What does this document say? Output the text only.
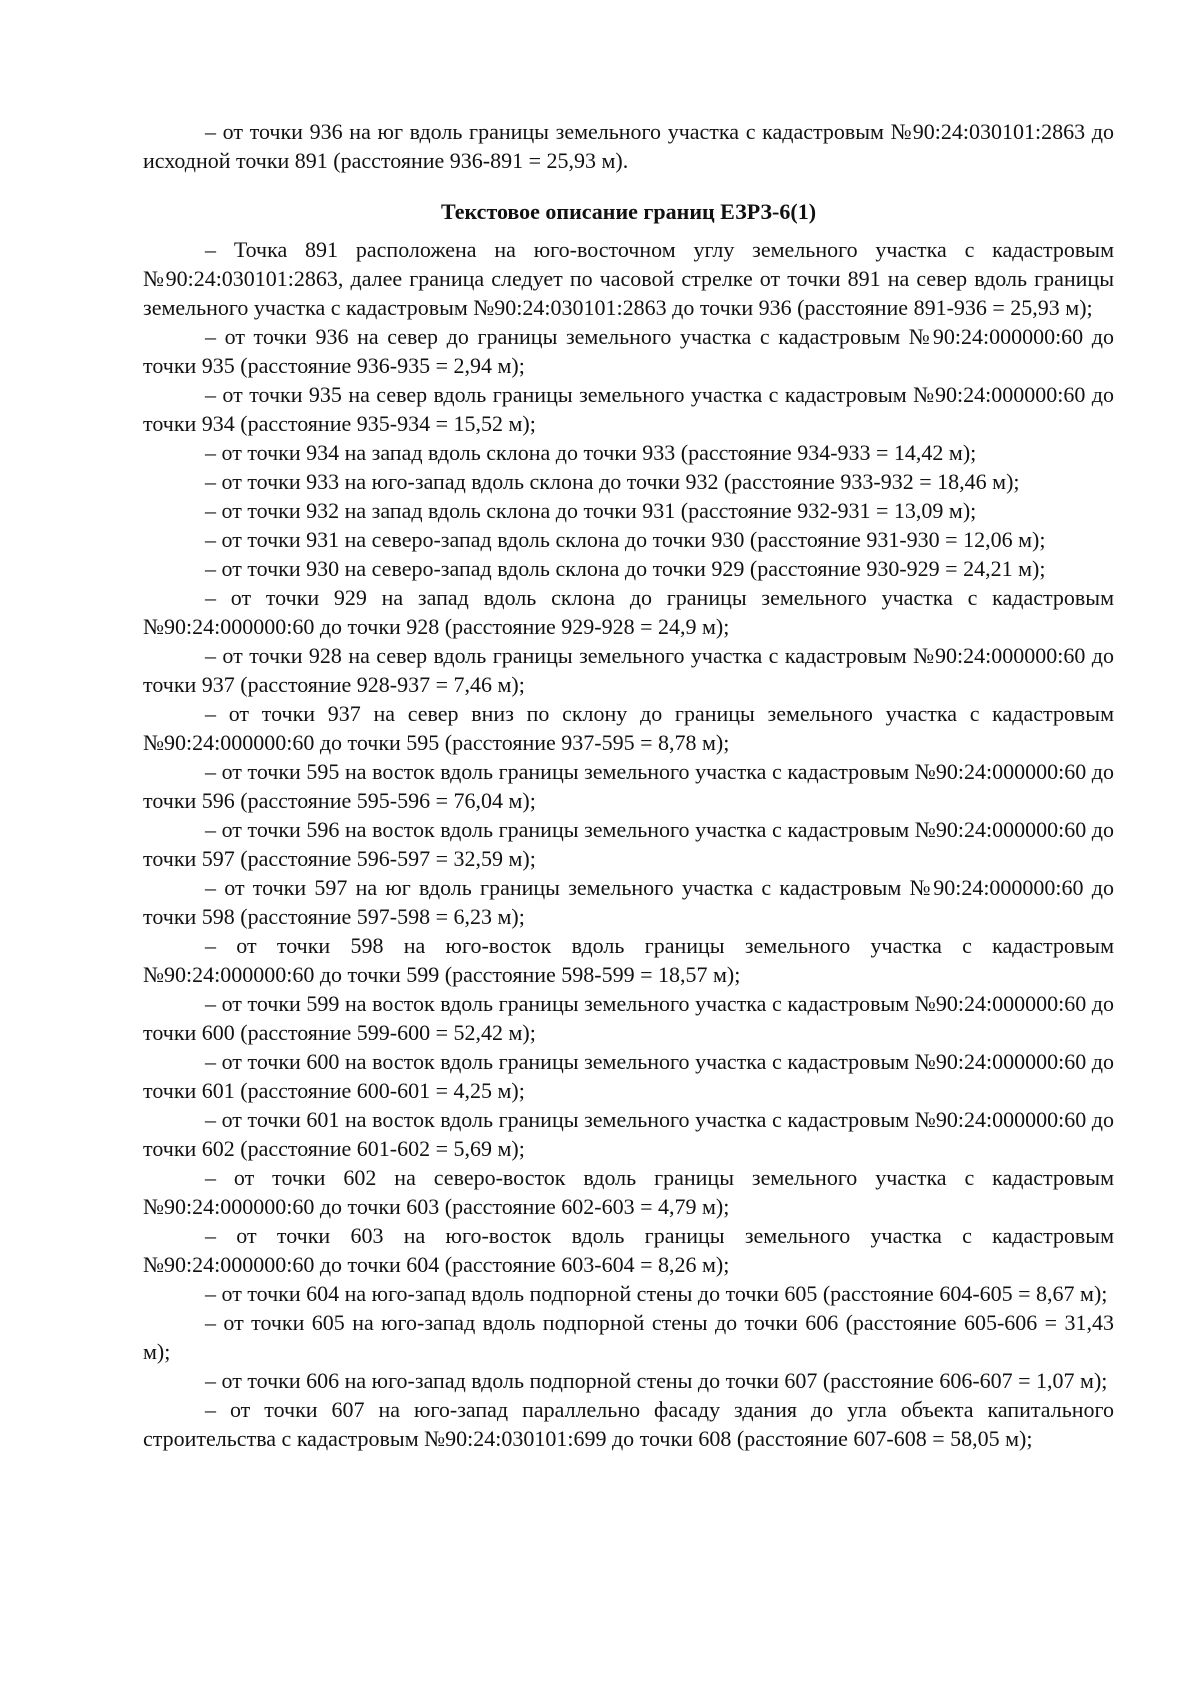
– от точки 936 на юг вдоль границы земельного участка с кадастровым №90:24:030101:2863 до исходной точки 891 (расстояние 936-891 = 25,93 м).

Текстовое описание границ ЕЗРЗ-6(1)

– Точка 891 расположена на юго-восточном углу земельного участка с кадастровым №90:24:030101:2863, далее граница следует по часовой стрелке от точки 891 на север вдоль границы земельного участка с кадастровым №90:24:030101:2863 до точки 936 (расстояние 891-936 = 25,93 м);

– от точки 936 на север до границы земельного участка с кадастровым №90:24:000000:60 до точки 935 (расстояние 936-935 = 2,94 м);

– от точки 935 на север вдоль границы земельного участка с кадастровым №90:24:000000:60 до точки 934 (расстояние 935-934 = 15,52 м);

– от точки 934 на запад вдоль склона до точки 933 (расстояние 934-933 = 14,42 м);

– от точки 933 на юго-запад вдоль склона до точки 932 (расстояние 933-932 = 18,46 м);

– от точки 932 на запад вдоль склона до точки 931 (расстояние 932-931 = 13,09 м);

– от точки 931 на северо-запад вдоль склона до точки 930 (расстояние 931-930 = 12,06 м);

– от точки 930 на северо-запад вдоль склона до точки 929 (расстояние 930-929 = 24,21 м);

– от точки 929 на запад вдоль склона до границы земельного участка с кадастровым №90:24:000000:60 до точки 928 (расстояние 929-928 = 24,9 м);

– от точки 928 на север вдоль границы земельного участка с кадастровым №90:24:000000:60 до точки 937 (расстояние 928-937 = 7,46 м);

– от точки 937 на север вниз по склону до границы земельного участка с кадастровым №90:24:000000:60 до точки 595 (расстояние 937-595 = 8,78 м);

– от точки 595 на восток вдоль границы земельного участка с кадастровым №90:24:000000:60 до точки 596 (расстояние 595-596 = 76,04 м);

– от точки 596 на восток вдоль границы земельного участка с кадастровым №90:24:000000:60 до точки 597 (расстояние 596-597 = 32,59 м);

– от точки 597 на юг вдоль границы земельного участка с кадастровым №90:24:000000:60 до точки 598 (расстояние 597-598 = 6,23 м);

– от точки 598 на юго-восток вдоль границы земельного участка с кадастровым №90:24:000000:60 до точки 599 (расстояние 598-599 = 18,57 м);

– от точки 599 на восток вдоль границы земельного участка с кадастровым №90:24:000000:60 до точки 600 (расстояние 599-600 = 52,42 м);

– от точки 600 на восток вдоль границы земельного участка с кадастровым №90:24:000000:60 до точки 601 (расстояние 600-601 = 4,25 м);

– от точки 601 на восток вдоль границы земельного участка с кадастровым №90:24:000000:60 до точки 602 (расстояние 601-602 = 5,69 м);

– от точки 602 на северо-восток вдоль границы земельного участка с кадастровым №90:24:000000:60 до точки 603 (расстояние 602-603 = 4,79 м);

– от точки 603 на юго-восток вдоль границы земельного участка с кадастровым №90:24:000000:60 до точки 604 (расстояние 603-604 = 8,26 м);

– от точки 604 на юго-запад вдоль подпорной стены до точки 605 (расстояние 604-605 = 8,67 м);

– от точки 605 на юго-запад вдоль подпорной стены до точки 606 (расстояние 605-606 = 31,43 м);

– от точки 606 на юго-запад вдоль подпорной стены до точки 607 (расстояние 606-607 = 1,07 м);

– от точки 607 на юго-запад параллельно фасаду здания до угла объекта капитального строительства с кадастровым №90:24:030101:699 до точки 608 (расстояние 607-608 = 58,05 м);
